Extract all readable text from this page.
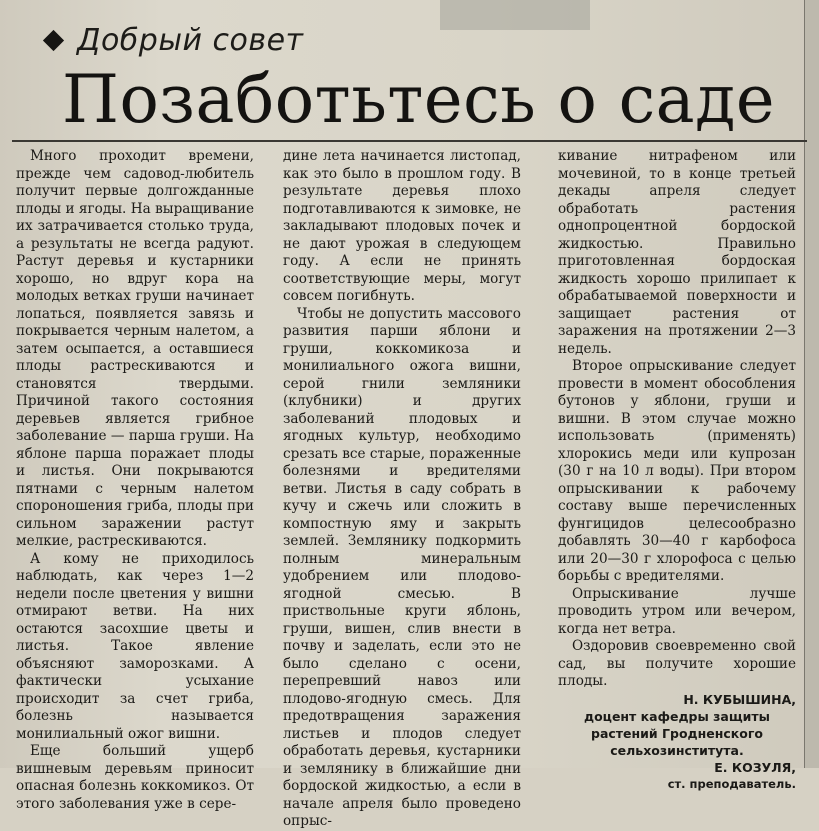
Добрый совет
Позаботьтесь о саде

Много проходит времени, прежде чем садовод-любитель получит первые долгожданные плоды и ягоды. На выращивание их затрачивается столько труда, а результаты не всегда радуют. Растут деревья и кустарники хорошо, но вдруг кора на молодых ветках груши начинает лопаться, появляется завязь и покрывается черным налетом, а затем осыпается, а оставшиеся плоды растрескиваются и становятся твердыми. Причиной такого состояния деревьев является грибное заболевание — парша груши. На яблоне парша поражает плоды и листья. Они покрываются пятнами с черным налетом спороношения гриба, плоды при сильном заражении растут мелкие, растрескиваются.

А кому не приходилось наблюдать, как через 1—2 недели после цветения у вишни отмирают ветви. На них остаются засохшие цветы и листья. Такое явление объясняют заморозками. А фактически усыхание происходит за счет гриба, болезнь называется монилиальный ожог вишни.

Еще больший ущерб вишневым деревьям приносит опасная болезнь коккомикоз. От этого заболевания уже в сере-

дине лета начинается листопад, как это было в прошлом году. В результате деревья плохо подготавливаются к зимовке, не закладывают плодовых почек и не дают урожая в следующем году. А если не принять соответствующие меры, могут совсем погибнуть.

Чтобы не допустить массового развития парши яблони и груши, коккомикоза и монилиального ожога вишни, серой гнили земляники (клубники) и других заболеваний плодовых и ягодных культур, необходимо срезать все старые, пораженные болезнями и вредителями ветви. Листья в саду собрать в кучу и сжечь или сложить в компостную яму и закрыть землей. Землянику подкормить полным минеральным удобрением или плодово-ягодной смесью. В приствольные круги яблонь, груши, вишен, слив внести в почву и заделать, если это не было сделано с осени, перепревший навоз или плодово-ягодную смесь. Для предотвращения заражения листьев и плодов следует обработать деревья, кустарники и землянику в ближайшие дни бордоской жидкостью, а если в начале апреля было проведено опрыс-

кивание нитрафеном или мочевиной, то в конце третьей декады апреля следует обработать растения однопроцентной бордоской жидкостью. Правильно приготовленная бордоская жидкость хорошо прилипает к обрабатываемой поверхности и защищает растения от заражения на протяжении 2—3 недель.

Второе опрыскивание следует провести в момент обособления бутонов у яблони, груши и вишни. В этом случае можно использовать (применять) хлорокись меди или купрозан (30 г на 10 л воды). При втором опрыскивании к рабочему составу выше перечисленных фунгицидов целесообразно добавлять 30—40 г карбофоса или 20—30 г хлорофоса с целью борьбы с вредителями.

Опрыскивание лучше проводить утром или вечером, когда нет ветра.

Оздоровив своевременно свой сад, вы получите хорошие плоды.

Н. КУБЫШИНА,
доцент кафедры защиты растений Гродненского сельхозинститута.
Е. КОЗУЛЯ,
ст. преподаватель.
